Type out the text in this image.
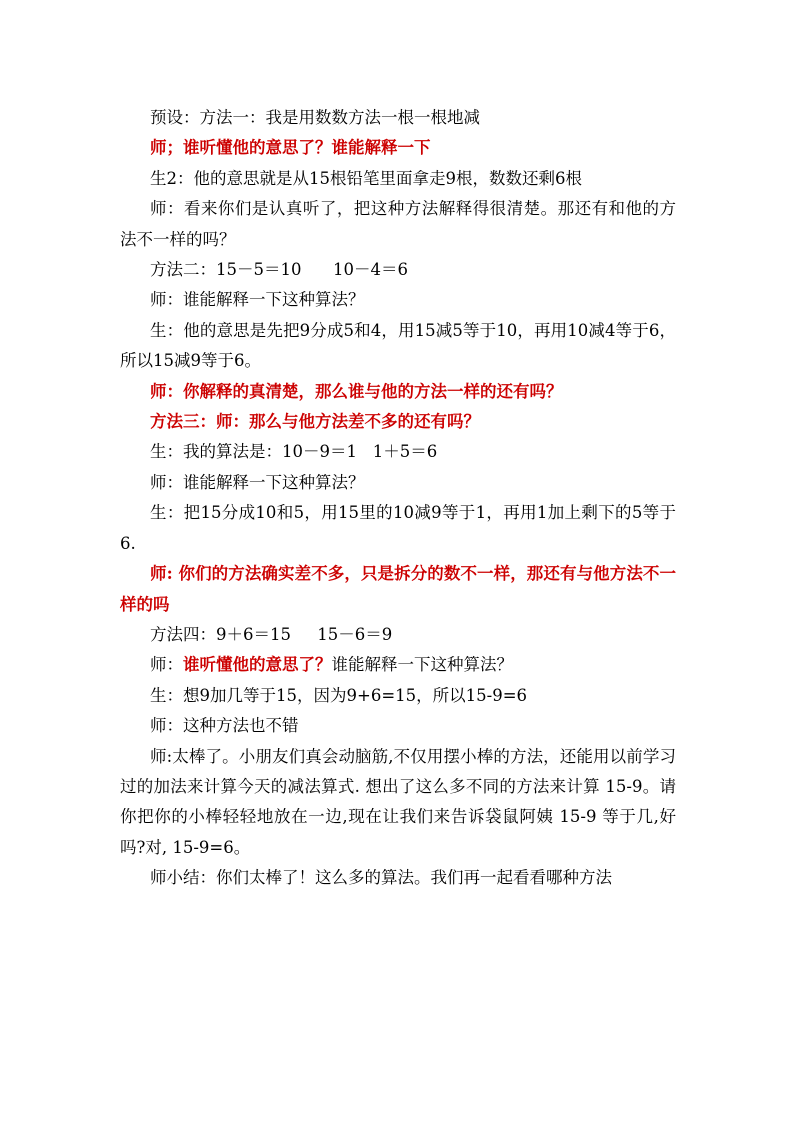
预设：方法一：我是用数数方法一根一根地减
师；谁听懂他的意思了？谁能解释一下
生2：他的意思就是从15根铅笔里面拿走9根，数数还剩6根
师：看来你们是认真听了，把这种方法解释得很清楚。那还有和他的方法不一样的吗？
方法二：15－5＝10      10－4＝6
师：谁能解释一下这种算法？
生：他的意思是先把9分成5和4，用15减5等于10，再用10减4等于6，所以15减9等于6。
师：你解释的真清楚，那么谁与他的方法一样的还有吗？
方法三：师：那么与他方法差不多的还有吗？
生：我的算法是：10－9＝1   1＋5＝6
师：谁能解释一下这种算法？
生：把15分成10和5，用15里的10减9等于1，再用1加上剩下的5等于6.
师: 你们的方法确实差不多，只是拆分的数不一样，那还有与他方法不一样的吗
方法四：9＋6＝15     15－6＝9
师：谁听懂他的意思了？谁能解释一下这种算法？
生：想9加几等于15，因为9+6=15，所以15-9=6
师：这种方法也不错
师:太棒了。小朋友们真会动脑筋,不仅用摆小棒的方法，还能用以前学习过的加法来计算今天的减法算式. 想出了这么多不同的方法来计算 15-9。请你把你的小棒轻轻地放在一边,现在让我们来告诉袋鼠阿姨 15-9 等于几,好吗?对, 15-9=6。
师小结：你们太棒了！这么多的算法。我们再一起看看哪种方法
